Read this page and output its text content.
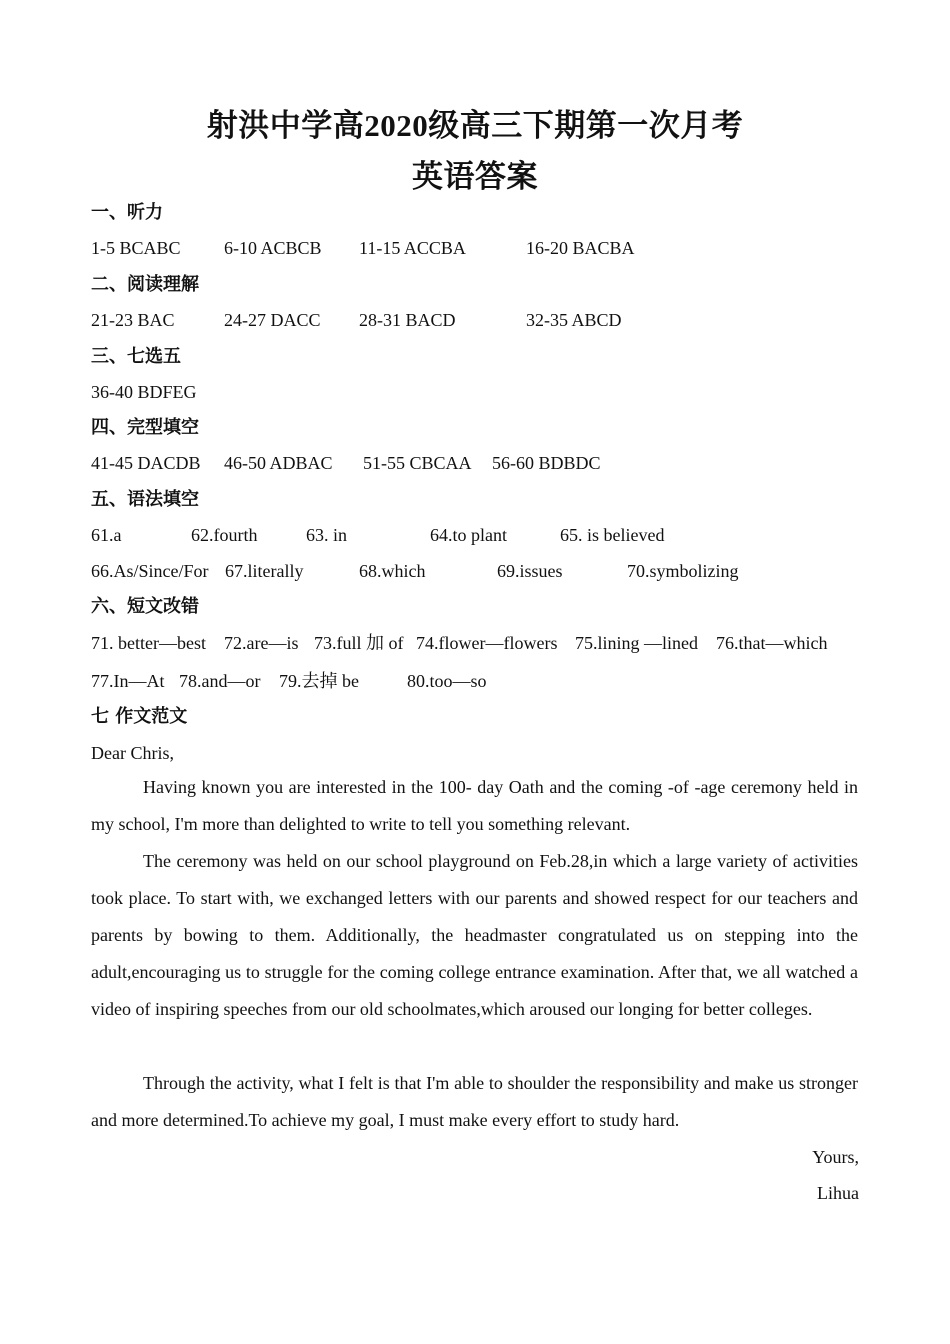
射洪中学高2020级高三下期第一次月考
英语答案
一、听力
1-5 BCABC 6-10 ACBCB 11-15 ACCBA	16-20 BACBA
二、阅读理解
21-23 BAC	24-27 DACC 28-31 BACD	32-35 ABCD
三、七选五
36-40 BDFEG
四、完型填空
41-45 DACDB 46-50 ADBAC 51-55 CBCAA 56-60 BDBDC
五、语法填空
61.a	62.fourth	63. in	64.to plant	65. is believed
66.As/Since/For 67.literally	68.which	69.issues	70.symbolizing
六、短文改错
71. better—best 72.are—is 73.full 加 of 74.flower—flowers 75.lining —lined 76.that—which
77.In—At 78.and—or 79.去掉 be	80.too—so
七 作文范文
Dear Chris,
Having known you are interested in the 100- day Oath and the coming -of -age ceremony held in my school, I'm more than delighted to write to tell you something relevant.
The ceremony was held on our school playground on Feb.28,in which a large variety of activities took place. To start with, we exchanged letters with our parents and showed respect for our teachers and parents by bowing to them. Additionally, the headmaster congratulated us on stepping into the adult,encouraging us to struggle for the coming college entrance examination. After that, we all watched a video of inspiring speeches from our old schoolmates,which aroused our longing for better colleges.
Through the activity, what I felt is that I'm able to shoulder the responsibility and make us stronger and more determined.To achieve my goal, I must make every effort to study hard.
Yours,
Lihua
